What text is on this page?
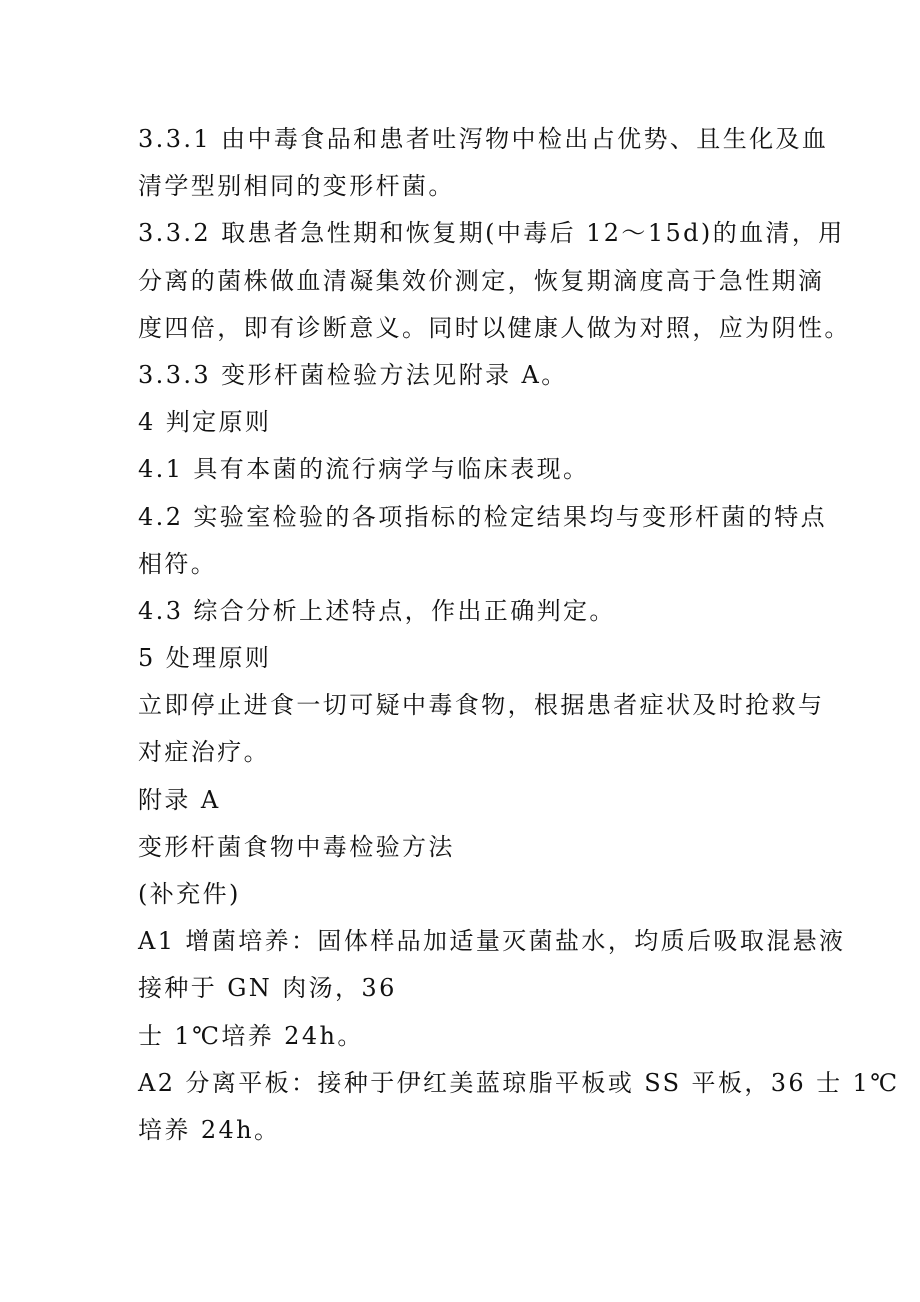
3.3.1 由中毒食品和患者吐泻物中检出占优势、且生化及血
清学型别相同的变形杆菌。
3.3.2 取患者急性期和恢复期(中毒后 12～15d)的血清，用
分离的菌株做血清凝集效价测定，恢复期滴度高于急性期滴
度四倍，即有诊断意义。同时以健康人做为对照，应为阴性。
3.3.3 变形杆菌检验方法见附录 A。
4 判定原则
4.1 具有本菌的流行病学与临床表现。
4.2 实验室检验的各项指标的检定结果均与变形杆菌的特点
相符。
4.3 综合分析上述特点，作出正确判定。
5 处理原则
立即停止进食一切可疑中毒食物，根据患者症状及时抢救与
对症治疗。
附录 A
变形杆菌食物中毒检验方法
(补充件)
A1 增菌培养：固体样品加适量灭菌盐水，均质后吸取混悬液
接种于 GN 肉汤，36
士 1℃培养 24h。
A2 分离平板：接种于伊红美蓝琼脂平板或 SS 平板，36 士 1℃
培养 24h。
